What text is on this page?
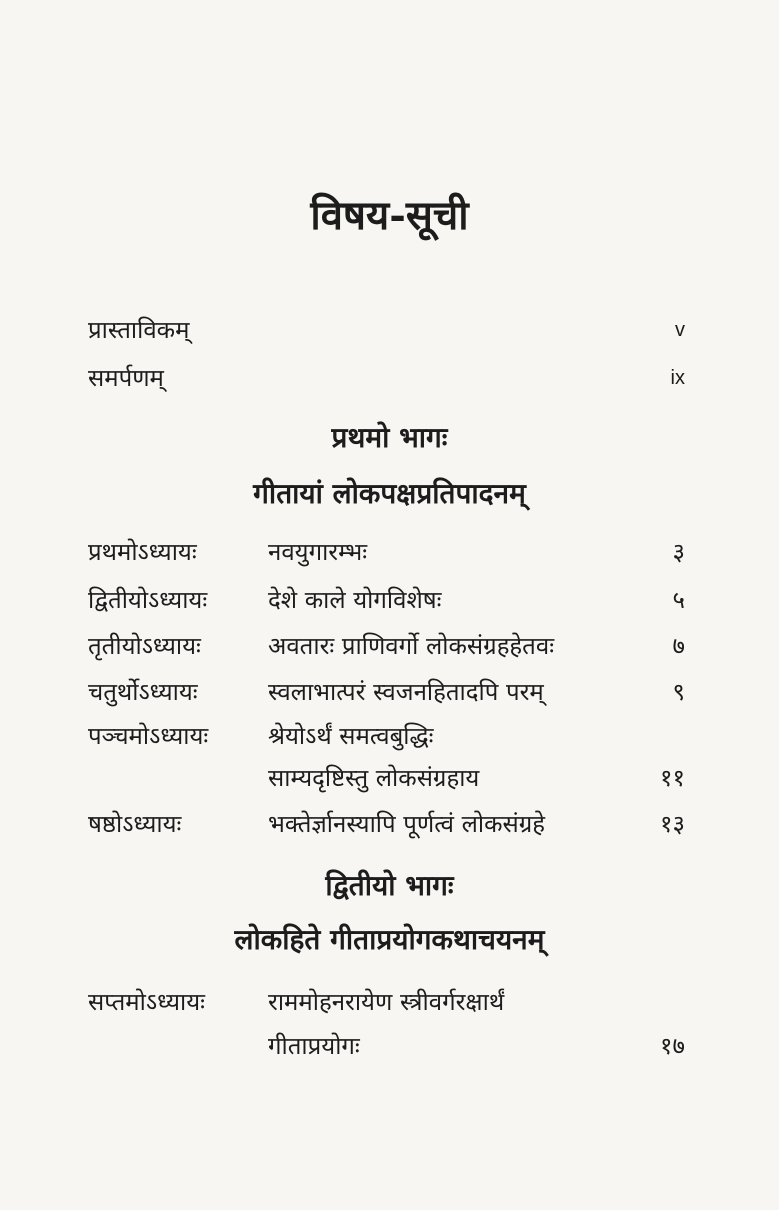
विषय-सूची
प्रास्ताविकम्	v
समर्पणम्	ix
प्रथमो भागः
गीतायां लोकपक्षप्रतिपादनम्
प्रथमोऽध्यायः	नवयुगारम्भः	३
द्वितीयोऽध्यायः	देशे काले योगविशेषः	५
तृतीयोऽध्यायः	अवतारः प्राणिवर्गो लोकसंग्रहहेतवः	७
चतुर्थोऽध्यायः	स्वलाभात्परं स्वजनहितादपि परम्	९
पञ्चमोऽध्यायः श्रेयोऽर्थं समत्वबुद्धिः
साम्यदृष्टिस्तु लोकसंग्रहाय	११
षष्ठोऽध्यायः	भक्तेर्ज्ञानस्यापि पूर्णत्वं लोकसंग्रहे	१३
द्वितीयो भागः
लोकहिते गीताप्रयोगकथाचयनम्
सप्तमोऽध्यायः	राममोहनरायेण स्त्रीवर्गरक्षार्थं
गीताप्रयोगः	१७
